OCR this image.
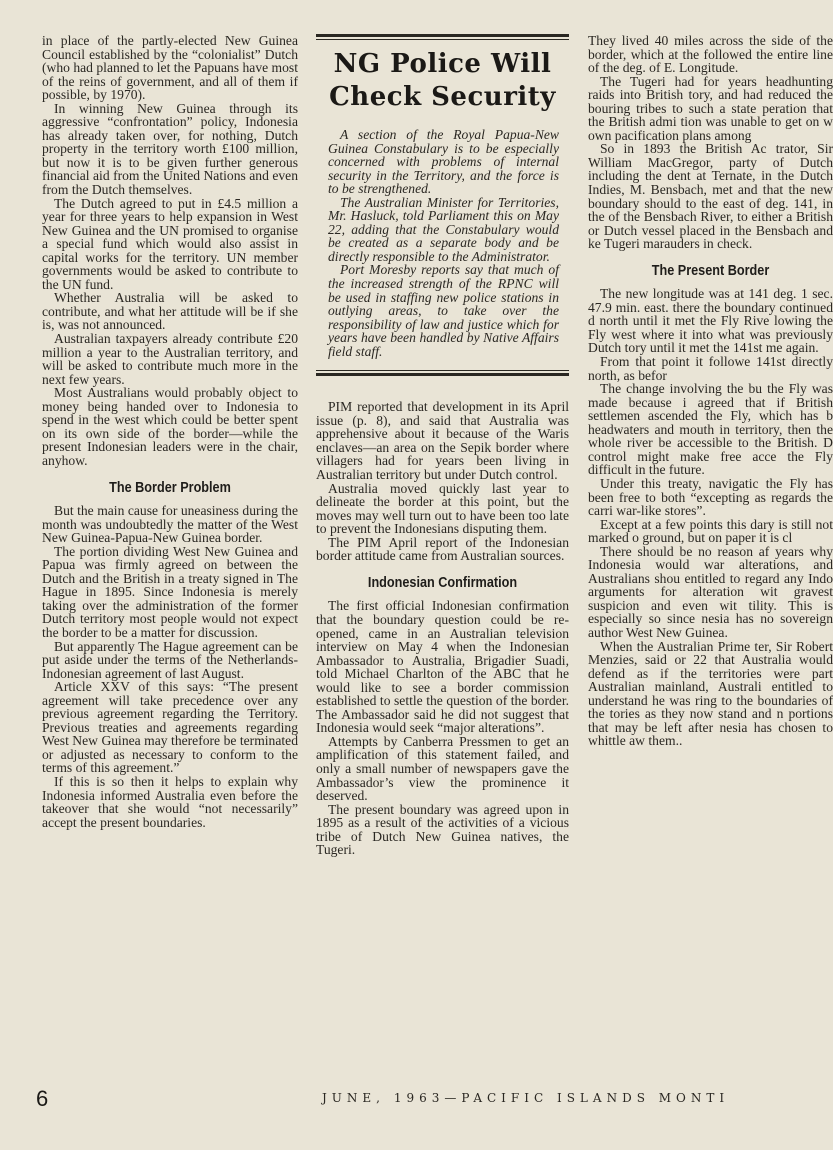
in place of the partly-elected New Guinea Council established by the “colonialist” Dutch (who had planned to let the Papuans have most of the reins of government, and all of them if possible, by 1970).

In winning New Guinea through its aggressive “confrontation” policy, Indonesia has already taken over, for nothing, Dutch property in the territory worth £100 million, but now it is to be given further generous financial aid from the United Nations and even from the Dutch themselves.

The Dutch agreed to put in £4.5 million a year for three years to help expansion in West New Guinea and the UN promised to organise a special fund which would also assist in capital works for the territory. UN member governments would be asked to contribute to the UN fund.

Whether Australia will be asked to contribute, and what her attitude will be if she is, was not announced.

Australian taxpayers already contribute £20 million a year to the Australian territory, and will be asked to contribute much more in the next few years.

Most Australians would probably object to money being handed over to Indonesia to spend in the west which could be better spent on its own side of the border—while the present Indonesian leaders were in the chair, anyhow.

The Border Problem

But the main cause for uneasiness during the month was undoubtedly the matter of the West New Guinea-Papua-New Guinea border.

The portion dividing West New Guinea and Papua was firmly agreed on between the Dutch and the British in a treaty signed in The Hague in 1895. Since Indonesia is merely taking over the administration of the former Dutch territory most people would not expect the border to be a matter for discussion.

But apparently The Hague agreement can be put aside under the terms of the Netherlands-Indonesian agreement of last August.

Article XXV of this says: “The present agreement will take precedence over any previous agreement regarding the Territory. Previous treaties and agreements regarding West New Guinea may therefore be terminated or adjusted as necessary to conform to the terms of this agreement.”

If this is so then it helps to explain why Indonesia informed Australia even before the takeover that she would “not necessarily” accept the present boundaries.

NG Police Will
Check Security

A section of the Royal Papua-New Guinea Constabulary is to be especially concerned with problems of internal security in the Territory, and the force is to be strengthened.

The Australian Minister for Territories, Mr. Hasluck, told Parliament this on May 22, adding that the Constabulary would be created as a separate body and be directly responsible to the Administrator.

Port Moresby reports say that much of the increased strength of the RPNC will be used in staffing new police stations in outlying areas, to take over the responsibility of law and justice which for years have been handled by Native Affairs field staff.

PIM reported that development in its April issue (p. 8), and said that Australia was apprehensive about it because of the Waris enclaves—an area on the Sepik border where villagers had for years been living in Australian territory but under Dutch control.

Australia moved quickly last year to delineate the border at this point, but the moves may well turn out to have been too late to prevent the Indonesians disputing them.

The PIM April report of the Indonesian border attitude came from Australian sources.

Indonesian Confirmation

The first official Indonesian confirmation that the boundary question could be re-opened, came in an Australian television interview on May 4 when the Indonesian Ambassador to Australia, Brigadier Suadi, told Michael Charlton of the ABC that he would like to see a border commission established to settle the question of the border. The Ambassador said he did not suggest that Indonesia would seek “major alterations”.

Attempts by Canberra Pressmen to get an amplification of this statement failed, and only a small number of newspapers gave the Ambassador’s view the prominence it deserved.

The present boundary was agreed upon in 1895 as a result of the activities of a vicious tribe of Dutch New Guinea natives, the Tugeri.

They lived 40 miles across the side of the border, which at the followed the entire line of the deg. of E. Longitude.

The Tugeri had for years headhunting raids into British tory, and had reduced the bouring tribes to such a state peration that the British admi tion was unable to get on w own pacification plans among

So in 1893 the British Ac trator, Sir William MacGregor, party of Dutch including the dent at Ternate, in the Dutch Indies, M. Bensbach, met and that the new boundary should to the east of deg. 141, in the of the Bensbach River, to either a British or Dutch vessel placed in the Bensbach and ke Tugeri marauders in check.

The Present Border

The new longitude was at 141 deg. 1 sec. 47.9 min. east. there the boundary continued d north until it met the Fly Rive lowing the Fly west where it into what was previously Dutch tory until it met the 141st me again.

From that point it followe 141st directly north, as befor

The change involving the bu the Fly was made because i agreed that if British settlemen ascended the Fly, which has b headwaters and mouth in territory, then the whole river be accessible to the British. D control might make free acce the Fly difficult in the future.

Under this treaty, navigatic the Fly has been free to both “excepting as regards the carri war-like stores”.

Except at a few points this dary is still not marked o ground, but on paper it is cl

There should be no reason af years why Indonesia would war alterations, and Australians shou entitled to regard any Indo arguments for alteration wit gravest suspicion and even wit tility. This is especially so since nesia has no sovereign author West New Guinea.

When the Australian Prime ter, Sir Robert Menzies, said or 22 that Australia would defend as if the territories were part Australian mainland, Australi entitled to understand he was ring to the boundaries of the tories as they now stand and n portions that may be left after nesia has chosen to whittle aw them..

6	JUNE, 1963—PACIFIC ISLANDS MONTI
